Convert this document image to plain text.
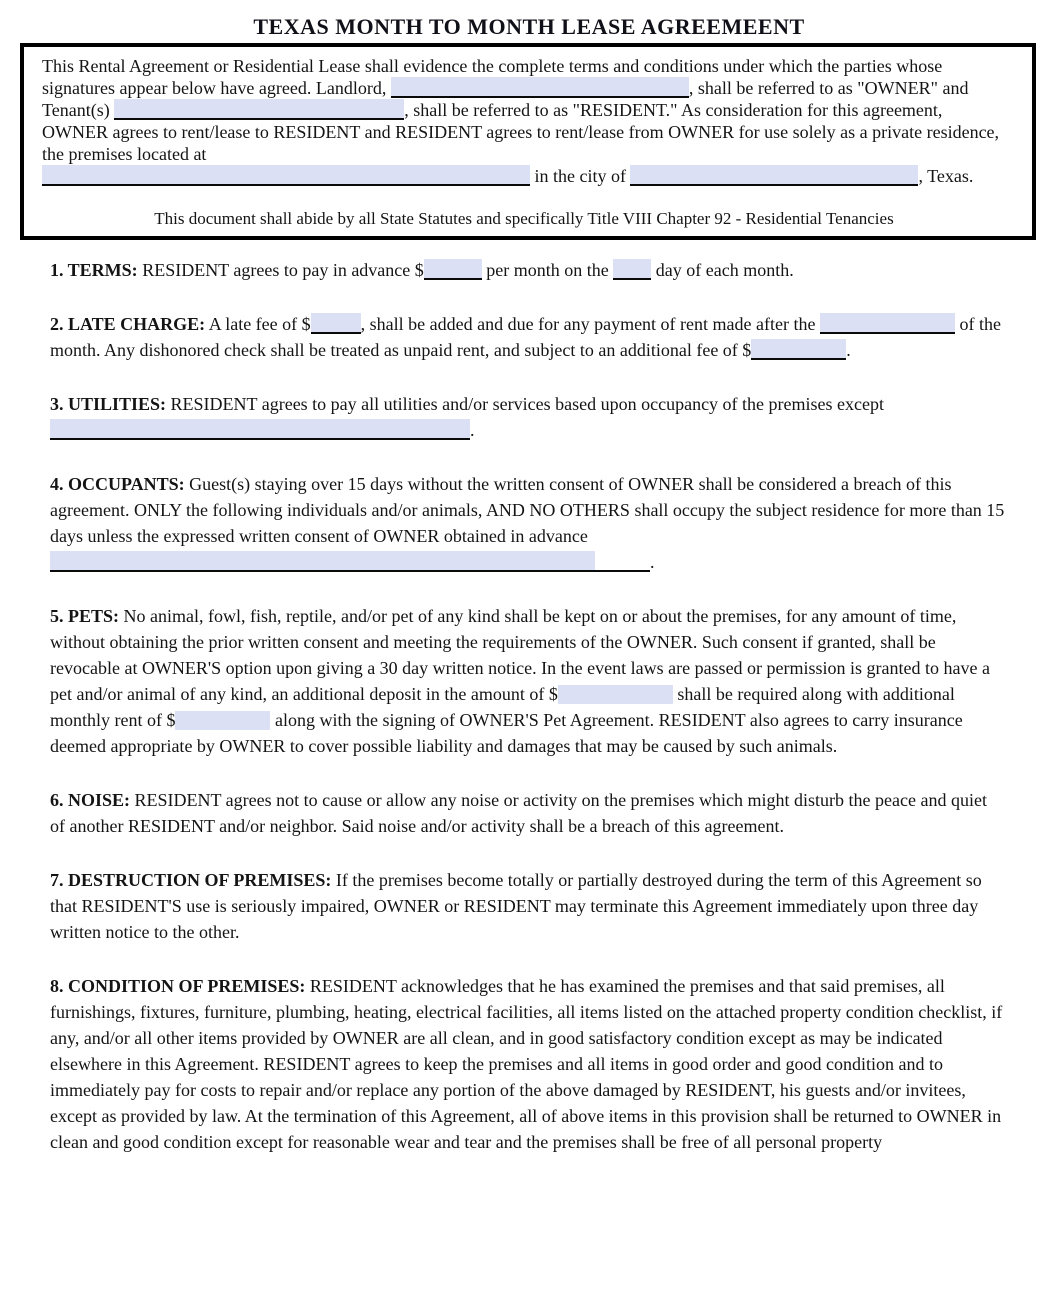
TEXAS MONTH TO MONTH LEASE AGREEMEENT

This Rental Agreement or Residential Lease shall evidence the complete terms and conditions under which the parties whose signatures appear below have agreed. Landlord,	, shall be referred to as "OWNER" and Tenant(s)	, shall be referred to as "RESIDENT." As consideration for this agreement, OWNER agrees to rent/lease to RESIDENT and RESIDENT agrees to rent/lease from OWNER for use solely as a private residence, the premises located at
in the city of	, Texas.

This document shall abide by all State Statutes and specifically Title VIII Chapter 92 - Residential Tenancies

1. TERMS: RESIDENT agrees to pay in advance $	per month on the  day of each month.

2. LATE CHARGE: A late fee of $	, shall be added and due for any payment of rent made after the	of the month. Any dishonored check shall be treated as unpaid rent, and subject to an additional fee of $	.

3. UTILITIES: RESIDENT agrees to pay all utilities and/or services based upon occupancy of the premises except .

4. OCCUPANTS: Guest(s) staying over 15 days without the written consent of OWNER shall be considered a breach of this agreement. ONLY the following individuals and/or animals, AND NO OTHERS shall occupy the subject residence for more than 15 days unless the expressed written consent of OWNER obtained in advance
.

5. PETS: No animal, fowl, fish, reptile, and/or pet of any kind shall be kept on or about the premises, for any amount of time, without obtaining the prior written consent and meeting the requirements of the OWNER. Such consent if granted, shall be revocable at OWNER'S option upon giving a 30 day written notice. In the event laws are passed or permission is granted to have a pet and/or animal of any kind, an additional deposit in the amount of $	shall be required along with additional monthly rent of $	along with the signing of OWNER'S Pet Agreement. RESIDENT also agrees to carry insurance deemed appropriate by OWNER to cover possible liability and damages that may be caused by such animals.

6. NOISE: RESIDENT agrees not to cause or allow any noise or activity on the premises which might disturb the peace and quiet of another RESIDENT and/or neighbor. Said noise and/or activity shall be a breach of this agreement.

7. DESTRUCTION OF PREMISES: If the premises become totally or partially destroyed during the term of this Agreement so that RESIDENT'S use is seriously impaired, OWNER or RESIDENT may terminate this Agreement immediately upon three day written notice to the other.

8. CONDITION OF PREMISES: RESIDENT acknowledges that he has examined the premises and that said premises, all furnishings, fixtures, furniture, plumbing, heating, electrical facilities, all items listed on the attached property condition checklist, if any, and/or all other items provided by OWNER are all clean, and in good satisfactory condition except as may be indicated elsewhere in this Agreement. RESIDENT agrees to keep the premises and all items in good order and good condition and to immediately pay for costs to repair and/or replace any portion of the above damaged by RESIDENT, his guests and/or invitees, except as provided by law. At the termination of this Agreement, all of above items in this provision shall be returned to OWNER in clean and good condition except for reasonable wear and tear and the premises shall be free of all personal property
